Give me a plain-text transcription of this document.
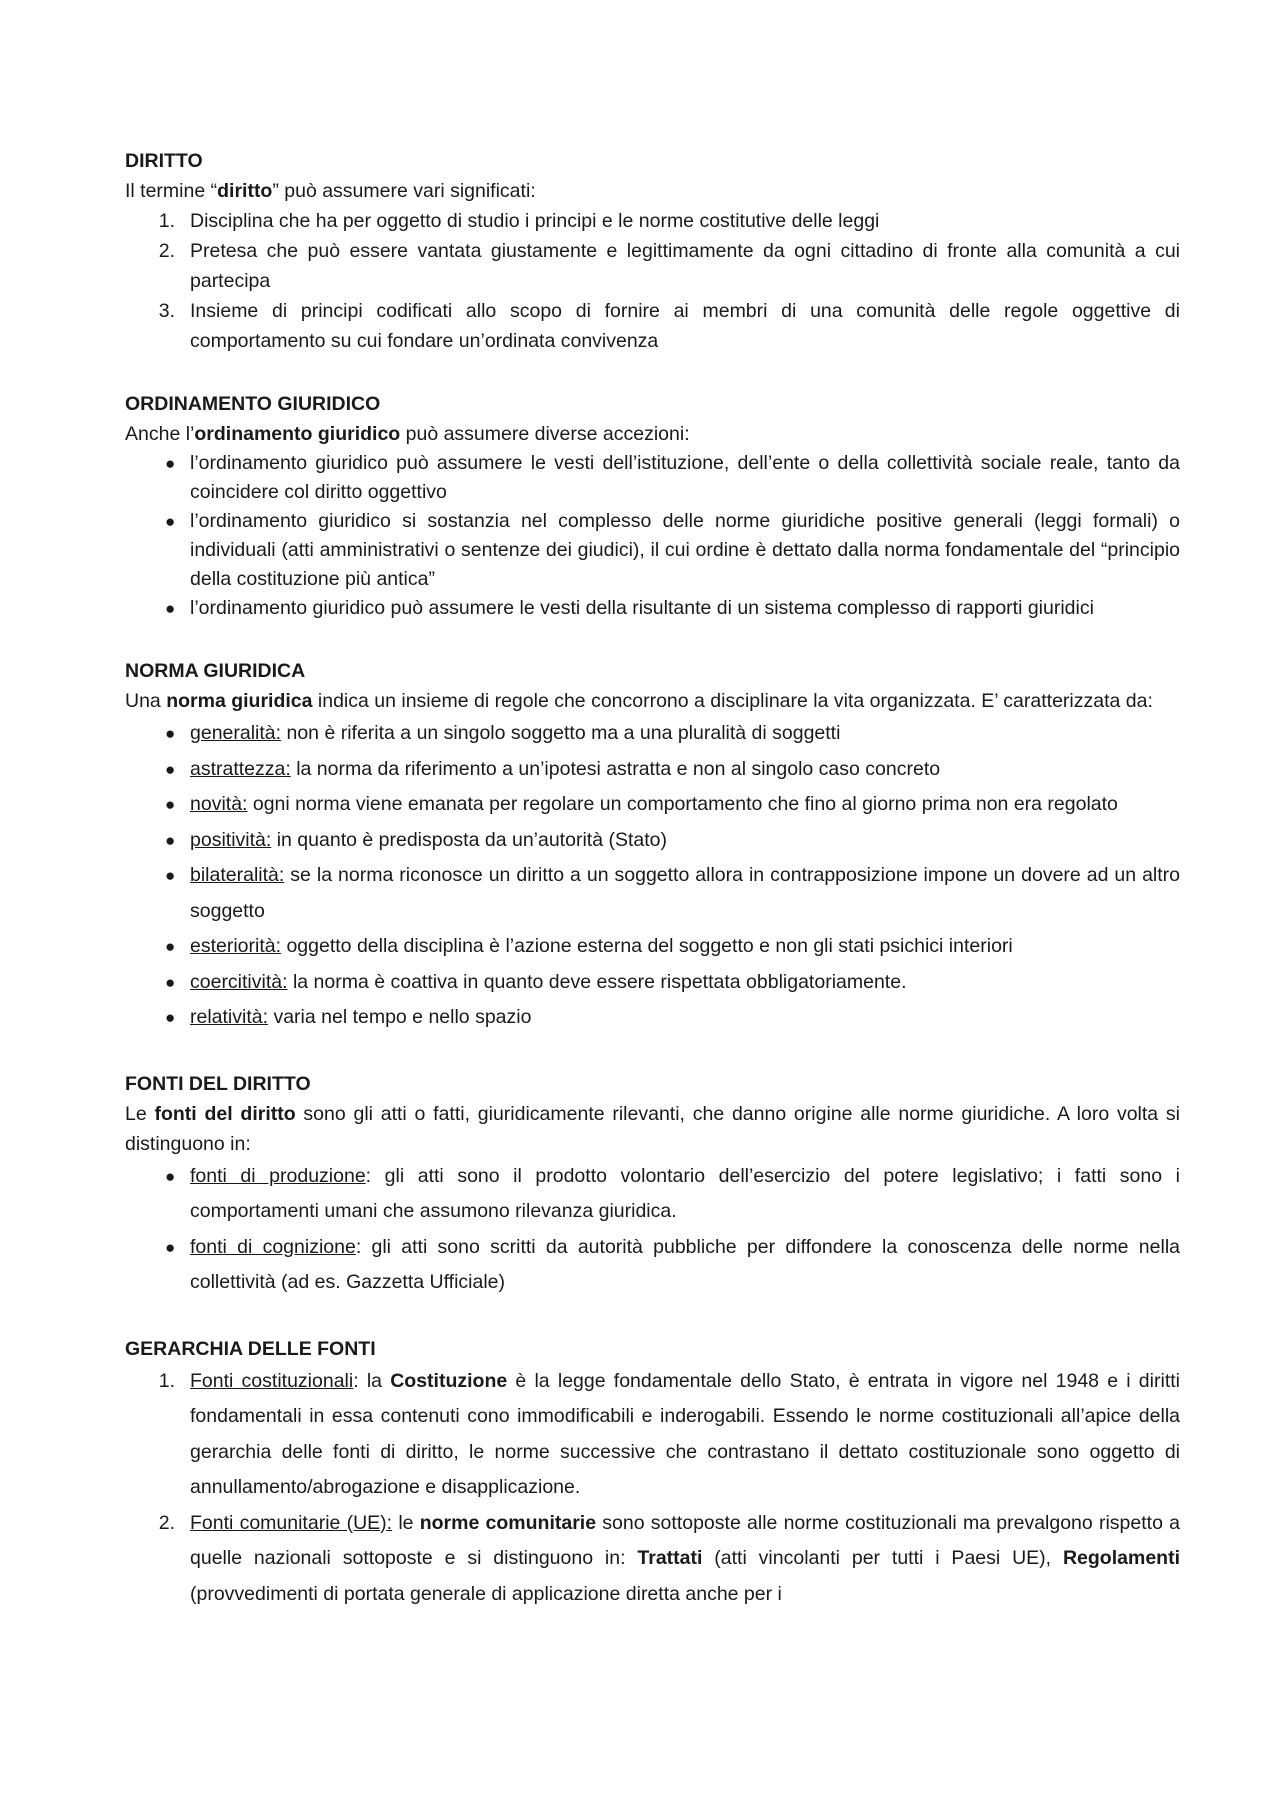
DIRITTO

Il termine “diritto” può assumere vari significati:

1. Disciplina che ha per oggetto di studio i principi e le norme costitutive delle leggi
2. Pretesa che può essere vantata giustamente e legittimamente da ogni cittadino di fronte alla comunità a cui partecipa
3. Insieme di principi codificati allo scopo di fornire ai membri di una comunità delle regole oggettive di comportamento su cui fondare un’ordinata convivenza

ORDINAMENTO GIURIDICO

Anche l’ordinamento giuridico può assumere diverse accezioni:

● l’ordinamento giuridico può assumere le vesti dell’istituzione, dell’ente o della collettività sociale reale, tanto da coincidere col diritto oggettivo
● l’ordinamento giuridico si sostanzia nel complesso delle norme giuridiche positive generali (leggi formali) o individuali (atti amministrativi o sentenze dei giudici), il cui ordine è dettato dalla norma fondamentale del “principio della costituzione più antica”
● l’ordinamento giuridico può assumere le vesti della risultante di un sistema complesso di rapporti giuridici

NORMA GIURIDICA

Una norma giuridica indica un insieme di regole che concorrono a disciplinare la vita organizzata. E’ caratterizzata da:

● generalità: non è riferita a un singolo soggetto ma a una pluralità di soggetti
● astrattezza: la norma da riferimento a un’ipotesi astratta e non al singolo caso concreto
● novità: ogni norma viene emanata per regolare un comportamento che fino al giorno prima non era regolato
● positività: in quanto è predisposta da un’autorità (Stato)
● bilateralità: se la norma riconosce un diritto a un soggetto allora in contrapposizione impone un dovere ad un altro soggetto
● esteriorità: oggetto della disciplina è l’azione esterna del soggetto e non gli stati psichici interiori
● coercitività: la norma è coattiva in quanto deve essere rispettata obbligatoriamente.
● relatività: varia nel tempo e nello spazio

FONTI DEL DIRITTO

Le fonti del diritto sono gli atti o fatti, giuridicamente rilevanti, che danno origine alle norme giuridiche. A loro volta si distinguono in:

● fonti di produzione: gli atti sono il prodotto volontario dell’esercizio del potere legislativo; i fatti sono i comportamenti umani che assumono rilevanza giuridica.
● fonti di cognizione: gli atti sono scritti da autorità pubbliche per diffondere la conoscenza delle norme nella collettività (ad es. Gazzetta Ufficiale)

GERARCHIA DELLE FONTI

1. Fonti costituzionali: la Costituzione è la legge fondamentale dello Stato, è entrata in vigore nel 1948 e i diritti fondamentali in essa contenuti cono immodificabili e inderogabili. Essendo le norme costituzionali all’apice della gerarchia delle fonti di diritto, le norme successive che contrastano il dettato costituzionale sono oggetto di annullamento/abrogazione e disapplicazione.
2. Fonti comunitarie (UE): le norme comunitarie sono sottoposte alle norme costituzionali ma prevalgono rispetto a quelle nazionali sottoposte e si distinguono in: Trattati (atti vincolanti per tutti i Paesi UE), Regolamenti (provvedimenti di portata generale di applicazione diretta anche per i
